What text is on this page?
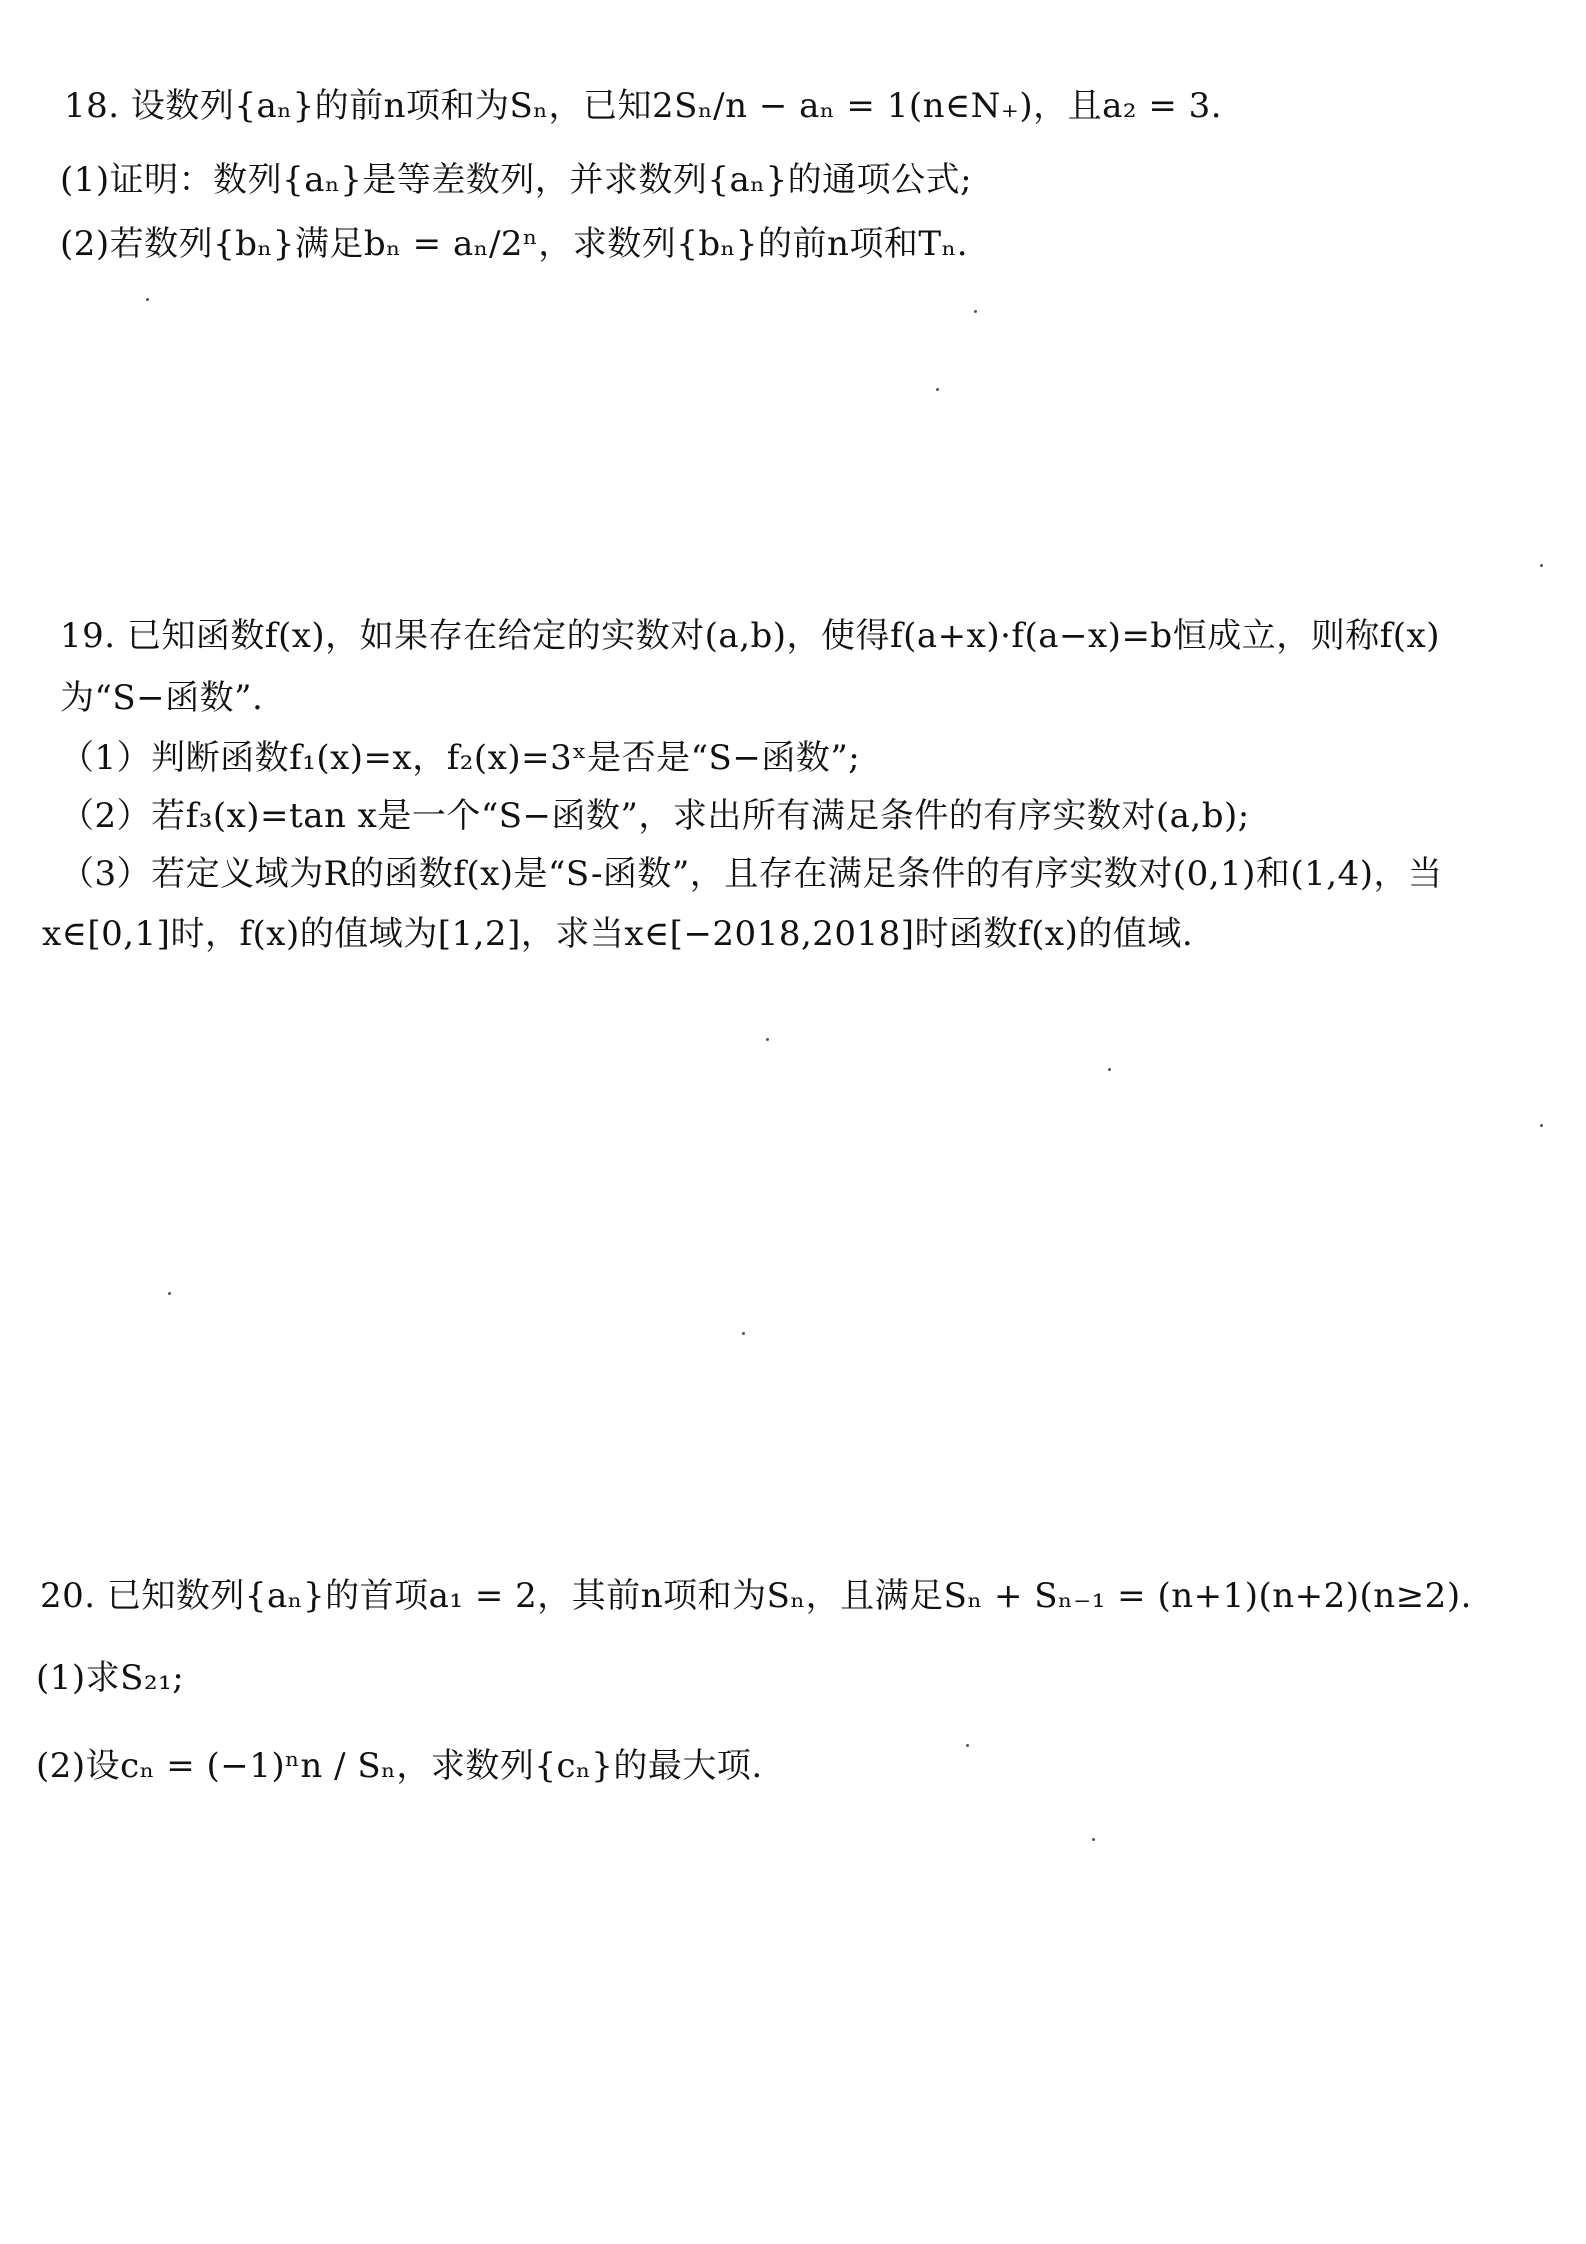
18. 设数列{aₙ}的前n项和为Sₙ，已知2Sₙ/n − aₙ = 1(n∈N₊)，且a₂ = 3.
(1)证明：数列{aₙ}是等差数列，并求数列{aₙ}的通项公式;
(2)若数列{bₙ}满足bₙ = aₙ/2ⁿ，求数列{bₙ}的前n项和Tₙ.
19. 已知函数f(x)，如果存在给定的实数对(a,b)，使得f(a+x)·f(a−x)=b恒成立，则称f(x)
为“S−函数”.
（1）判断函数f₁(x)=x，f₂(x)=3ˣ是否是“S−函数”;
（2）若f₃(x)=tan x是一个“S−函数”，求出所有满足条件的有序实数对(a,b);
（3）若定义域为R的函数f(x)是“S-函数”，且存在满足条件的有序实数对(0,1)和(1,4)，当
x∈[0,1]时，f(x)的值域为[1,2]，求当x∈[−2018,2018]时函数f(x)的值域.
20. 已知数列{aₙ}的首项a₁ = 2，其前n项和为Sₙ，且满足Sₙ + Sₙ₋₁ = (n+1)(n+2)(n≥2).
(1)求S₂₁;
(2)设cₙ = (−1)ⁿn / Sₙ，求数列{cₙ}的最大项.
